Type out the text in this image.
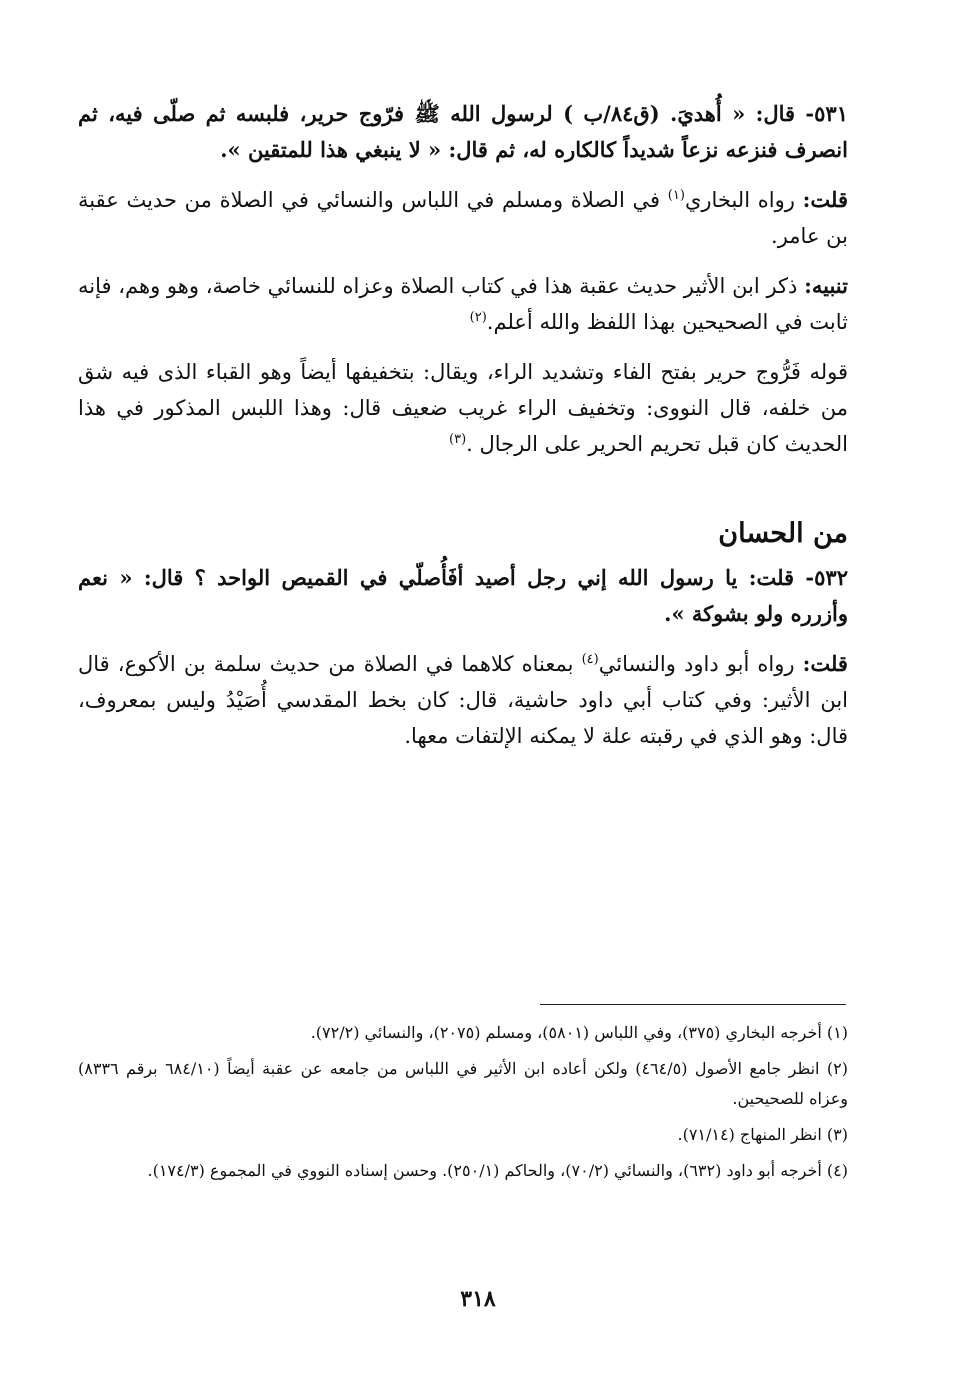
٥٣١- قال: « أُهديَ. (ق٨٤/ب ) لرسول الله ﷺ فرّوج حرير، فلبسه ثم صلّى فيه، ثم انصرف فنزعه نزعاً شديداً كالكاره له، ثم قال: « لا ينبغي هذا للمتقين ».

قلت: رواه البخاري$^{(١)}$ في الصلاة ومسلم في اللباس والنسائي في الصلاة من حديث عقبة بن عامر.

تنبيه: ذكر ابن الأثير حديث عقبة هذا في كتاب الصلاة وعزاه للنسائي خاصة، وهو وهم، فإنه ثابت في الصحيحين بهذا اللفظ والله أعلم.$^{(٢)}$

قوله فَرُّوج حرير بفتح الفاء وتشديد الراء، ويقال: بتخفيفها أيضاً وهو القباء الذى فيه شق من خلفه، قال النووى: وتخفيف الراء غريب ضعيف قال: وهذا اللبس المذكور في هذا الحديث كان قبل تحريم الحرير على الرجال .$^{(٣)}$

من الحسان

٥٣٢- قلت: يا رسول الله إني رجل أصيد أفَأُصلّي في القميص الواحد ؟ قال: « نعم وأزرره ولو بشوكة ».

قلت: رواه أبو داود والنسائي$^{(٤)}$ بمعناه كلاهما في الصلاة من حديث سلمة بن الأكوع، قال ابن الأثير: وفي كتاب أبي داود حاشية، قال: كان بخط المقدسي أُصَيْدُ وليس بمعروف، قال: وهو الذي في رقبته علة لا يمكنه الإلتفات معها.

(١) أخرجه البخاري (٣٧٥)، وفي اللباس (٥٨٠١)، ومسلم (٢٠٧٥)، والنسائي (٧٢/٢).

(٢) انظر جامع الأصول (٤٦٤/٥) ولكن أعاده ابن الأثير في اللباس من جامعه عن عقبة أيضاً (٦٨٤/١٠ برقم ٨٣٣٦) وعزاه للصحيحين.

(٣) انظر المنهاج (٧١/١٤).

(٤) أخرجه أبو داود (٦٣٢)، والنسائي (٧٠/٢)، والحاكم (٢٥٠/١). وحسن إسناده النووي في المجموع (١٧٤/٣).

٣١٨
